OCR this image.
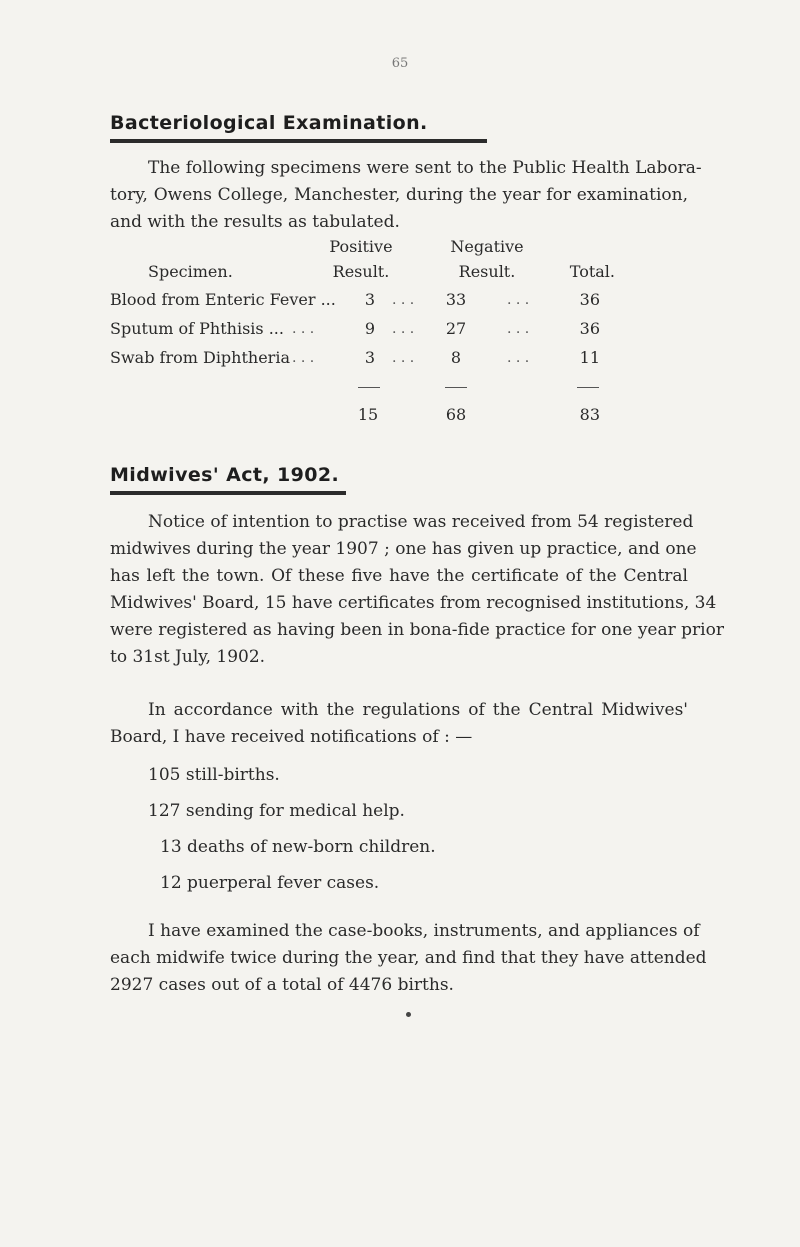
65
Bacteriological Examination.
The following specimens were sent to the Public Health Labora-
tory, Owens College, Manchester, during the year for examination,
and with the results as tabulated.
Positive	Negative
Specimen.	Result.	Result.	Total.
Blood from Enteric Fever ...	3	. . .	33	. . .	36
Sputum of Phthisis ... . . .	9	. . .	27	. . .	36
Swab from Diphtheria . . .	3	. . .	8	. . .	11
15	68	83
Midwives' Act, 1902.
Notice of intention to practise was received from 54 registered
midwives during the year 1907 ; one has given up practice, and one
has left the town. Of these five have the certificate of the Central
Midwives' Board, 15 have certificates from recognised institutions, 34
were registered as having been in bona-fide practice for one year prior
to 31st July, 1902.
In accordance with the regulations of the Central Midwives'
Board, I have received notifications of : —
105 still-births.
127 sending for medical help.
13 deaths of new-born children.
12 puerperal fever cases.
I have examined the case-books, instruments, and appliances of
each midwife twice during the year, and find that they have attended
2927 cases out of a total of 4476 births.
